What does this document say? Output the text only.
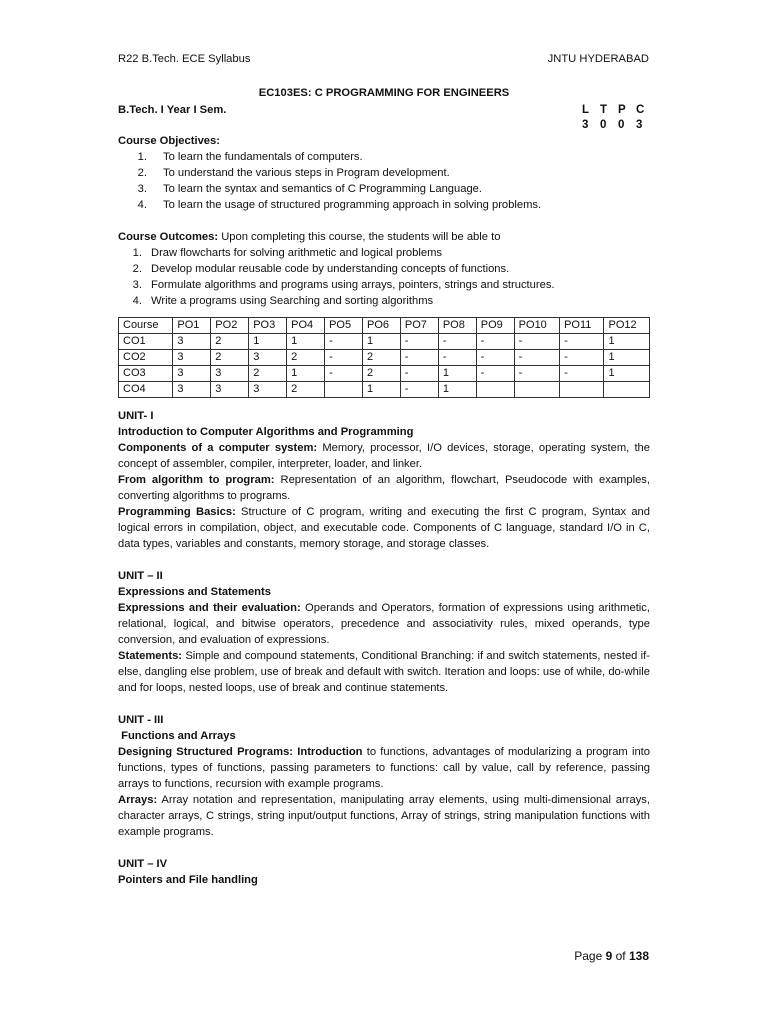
R22 B.Tech. ECE Syllabus	JNTU HYDERABAD
EC103ES: C PROGRAMMING FOR ENGINEERS
B.Tech. I Year I Sem.	L T P C
3	0	0	3
Course Objectives:
1.	To learn the fundamentals of computers.
2.	To understand the various steps in Program development.
3.	To learn the syntax and semantics of C Programming Language.
4.	To learn the usage of structured programming approach in solving problems.
Course Outcomes: Upon completing this course, the students will be able to
1. Draw flowcharts for solving arithmetic and logical problems
2. Develop modular reusable code by understanding concepts of functions.
3. Formulate algorithms and programs using arrays, pointers, strings and structures.
4. Write a programs using Searching and sorting algorithms
Course	PO1	PO2	PO3	PO4	PO5	PO6	PO7	PO8	PO9	PO10	PO11	PO12
CO1	3	2	1	1	-	1	-	-	-	-	-	1
CO2	3	2	3	2	-	2	-	-	-	-	-	1
CO3	3	3	2	1	-	2	-	1	-	-	-	1
CO4	3	3	3	2		1	-	1				
UNIT- I
Introduction to Computer Algorithms and Programming
Components of a computer system: Memory, processor, I/O devices, storage, operating system, the concept of assembler, compiler, interpreter, loader, and linker.
From algorithm to program: Representation of an algorithm, flowchart, Pseudocode with examples, converting algorithms to programs.
Programming Basics: Structure of C program, writing and executing the first C program, Syntax and logical errors in compilation, object, and executable code. Components of C language, standard I/O in C, data types, variables and constants, memory storage, and storage classes.
UNIT – II
Expressions and Statements
Expressions and their evaluation: Operands and Operators, formation of expressions using arithmetic, relational, logical, and bitwise operators, precedence and associativity rules, mixed operands, type conversion, and evaluation of expressions.
Statements: Simple and compound statements, Conditional Branching: if and switch statements, nested if-else, dangling else problem, use of break and default with switch. Iteration and loops: use of while, do-while and for loops, nested loops, use of break and continue statements.
UNIT - III
Functions and Arrays
Designing Structured Programs: Introduction to functions, advantages of modularizing a program into functions, types of functions, passing parameters to functions: call by value, call by reference, passing arrays to functions, recursion with example programs.
Arrays: Array notation and representation, manipulating array elements, using multi-dimensional arrays, character arrays, C strings, string input/output functions, Array of strings, string manipulation functions with example programs.
UNIT – IV
Pointers and File handling
Page 9 of 138
